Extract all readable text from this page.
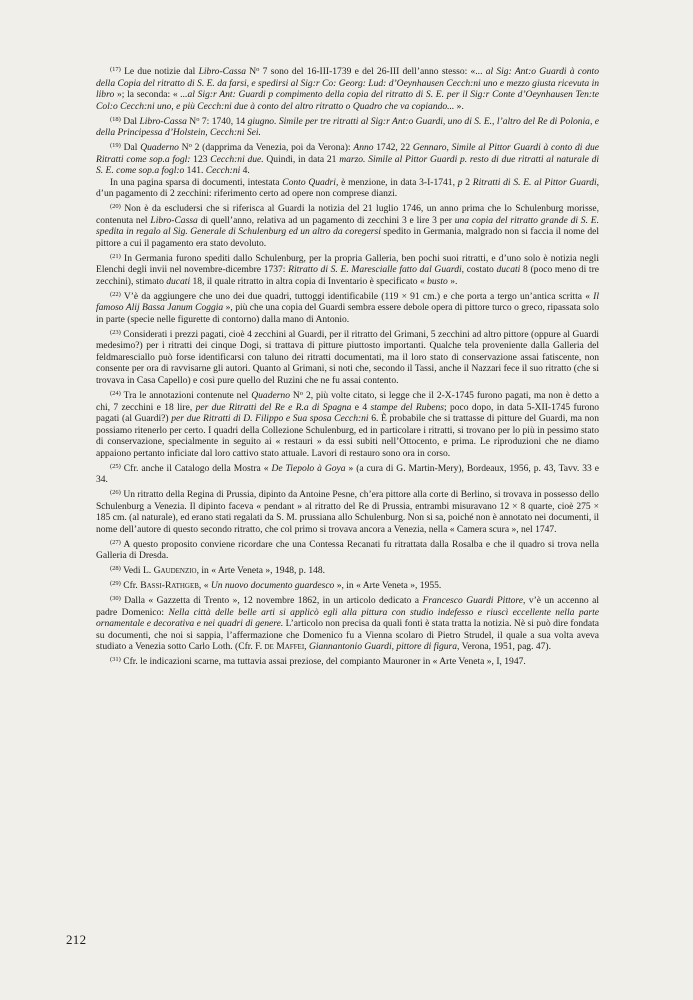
$^{(17)}$ Le due notizie dal Libro-Cassa $N^o$ 7 sono del 16-III-1739 e del 26-III dell’anno stesso: «... al Sig: Ant:o Guardi à conto della Copia del ritratto di S. E. da farsi, e spedirsi al Sig:r Co: Georg: Lud: d’Oeynhausen Cecch:ni uno e mezzo giusta ricevuta in libro »; la seconda: « ...al Sig:r Ant: Guardi p compimento della copia del ritratto di S. E. per il Sig:r Conte d’Oeynhausen Ten:te Col:o Cecch:ni uno, e più Cecch:ni due à conto del altro ritratto o Quadro che va copiando... ».

$^{(18)}$ Dal Libro-Cassa $N^o$ 7: 1740, 14 giugno. Simile per tre ritratti al Sig:r Ant:o Guardi, uno di S. E., l’altro del Re di Polonia, e della Principessa d’Holstein, Cecch:ni Sei.

$^{(19)}$ Dal Quaderno $N^o$ 2 (dapprima da Venezia, poi da Verona): Anno 1742, 22 Gennaro, Simile al Pittor Guardi à conto di due Ritratti come sop.a fogl: 123 Cecch:ni due. Quindi, in data 21 marzo. Simile al Pittor Guardi p. resto di due ritratti al naturale di S. E. come sop.a fogl:o 141. Cecch:ni 4.

In una pagina sparsa di documenti, intestata Conto Quadri, è menzione, in data 3-I-1741, p 2 Ritratti di S. E. al Pittor Guardi, d’un pagamento di 2 zecchini: riferimento certo ad opere non comprese dianzi.

$^{(20)}$ Non è da escludersi che si riferisca al Guardi la notizia del 21 luglio 1746, un anno prima che lo Schulenburg morisse, contenuta nel Libro-Cassa di quell’anno, relativa ad un pagamento di zecchini 3 e lire 3 per una copia del ritratto grande di S. E. spedita in regalo al Sig. Generale di Schulenburg ed un altro da coregersi spedito in Germania, malgrado non si faccia il nome del pittore a cui il pagamento era stato devoluto.

$^{(21)}$ In Germania furono spediti dallo Schulenburg, per la propria Galleria, ben pochi suoi ritratti, e d’uno solo è notizia negli Elenchi degli invii nel novembre-dicembre 1737: Ritratto di S. E. Marescialle fatto dal Guardi, costato ducati 8 (poco meno di tre zecchini), stimato ducati 18, il quale ritratto in altra copia di Inventario è specificato « busto ».

$^{(22)}$ V’è da aggiungere che uno dei due quadri, tuttoggi identificabile (119 × 91 cm.) e che porta a tergo un’antica scritta « Il famoso Alij Bassa Janum Coggia », più che una copia del Guardi sembra essere debole opera di pittore turco o greco, ripassata solo in parte (specie nelle figurette di contorno) dalla mano di Antonio.

$^{(23)}$ Considerati i prezzi pagati, cioè 4 zecchini al Guardi, per il ritratto del Grimani, 5 zecchini ad altro pittore (oppure al Guardi medesimo?) per i ritratti dei cinque Dogi, si trattava di pitture piuttosto importanti. Qualche tela proveniente dalla Galleria del feldmaresciallo può forse identificarsi con taluno dei ritratti documentati, ma il loro stato di conservazione assai fatiscente, non consente per ora di ravvisarne gli autori. Quanto al Grimani, si noti che, secondo il Tassi, anche il Nazzari fece il suo ritratto (che si trovava in Casa Capello) e così pure quello del Ruzini che ne fu assai contento.

$^{(24)}$ Tra le annotazioni contenute nel Quaderno $N^o$ 2, più volte citato, si legge che il 2-X-1745 furono pagati, ma non è detto a chi, 7 zecchini e 18 lire, per due Ritratti del Re e R.a di Spagna e 4 stampe del Rubens; poco dopo, in data 5-XII-1745 furono pagati (al Guardi?) per due Ritratti di D. Filippo e Sua sposa Cecch:ni 6. È probabile che si trattasse di pitture del Guardi, ma non possiamo ritenerlo per certo. I quadri della Collezione Schulenburg, ed in particolare i ritratti, si trovano per lo più in pessimo stato di conservazione, specialmente in seguito ai « restauri » da essi subiti nell’Ottocento, e prima. Le riproduzioni che ne diamo appaiono pertanto inficiate dal loro cattivo stato attuale. Lavori di restauro sono ora in corso.

$^{(25)}$ Cfr. anche il Catalogo della Mostra « De Tiepolo à Goya » (a cura di G. Martin-Mery), Bordeaux, 1956, p. 43, Tavv. 33 e 34.

$^{(26)}$ Un ritratto della Regina di Prussia, dipinto da Antoine Pesne, ch’era pittore alla corte di Berlino, si trovava in possesso dello Schulenburg a Venezia. Il dipinto faceva « pendant » al ritratto del Re di Prussia, entrambi misuravano 12 × 8 quarte, cioè 275 × 185 cm. (al naturale), ed erano stati regalati da S. M. prussiana allo Schulenburg. Non si sa, poiché non è annotato nei documenti, il nome dell’autore di questo secondo ritratto, che col primo si trovava ancora a Venezia, nella « Camera scura », nel 1747.

$^{(27)}$ A questo proposito conviene ricordare che una Contessa Recanati fu ritrattata dalla Rosalba e che il quadro si trova nella Galleria di Dresda.

$^{(28)}$ Vedi L. Gaudenzio, in « Arte Veneta », 1948, p. 148.

$^{(29)}$ Cfr. Bassi-Rathgeb, « Un nuovo documento guardesco », in « Arte Veneta », 1955.

$^{(30)}$ Dalla « Gazzetta di Trento », 12 novembre 1862, in un articolo dedicato a Francesco Guardi Pittore, v’è un accenno al padre Domenico: Nella città delle belle arti si applicò egli alla pittura con studio indefesso e riuscì eccellente nella parte ornamentale e decorativa e nei quadri di genere. L’articolo non precisa da quali fonti è stata tratta la notizia. Nè si può dire fondata su documenti, che noi si sappia, l’affermazione che Domenico fu a Vienna scolaro di Pietro Strudel, il quale a sua volta aveva studiato a Venezia sotto Carlo Loth. (Cfr. F. de Maffei, Giannantonio Guardi, pittore di figura, Verona, 1951, pag. 47).

$^{(31)}$ Cfr. le indicazioni scarne, ma tuttavia assai preziose, del compianto Mauroner in « Arte Veneta », I, 1947.

212
